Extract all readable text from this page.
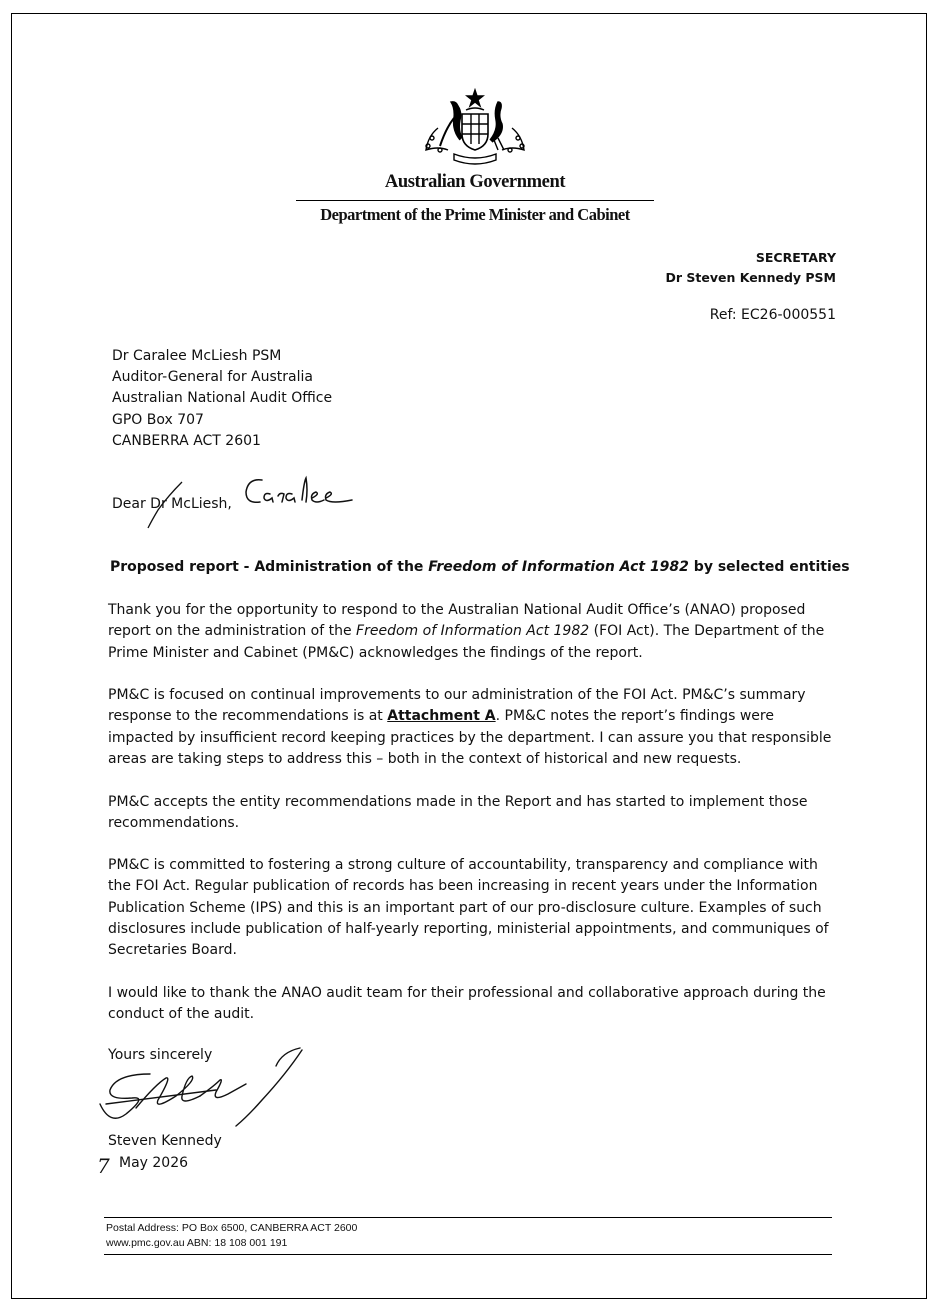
Australian Government
Department of the Prime Minister and Cabinet
SECRETARY
Dr Steven Kennedy PSM
Ref: EC26-000551
Dr Caralee McLiesh PSM
Auditor-General for Australia
Australian National Audit Office
GPO Box 707
CANBERRA ACT 2601
Dear Dr McLiesh,
Proposed report - Administration of the Freedom of Information Act 1982 by selected entities
Thank you for the opportunity to respond to the Australian National Audit Office’s (ANAO) proposed report on the administration of the Freedom of Information Act 1982 (FOI Act). The Department of the Prime Minister and Cabinet (PM&C) acknowledges the findings of the report.
PM&C is focused on continual improvements to our administration of the FOI Act. PM&C’s summary response to the recommendations is at Attachment A. PM&C notes the report’s findings were impacted by insufficient record keeping practices by the department. I can assure you that responsible areas are taking steps to address this – both in the context of historical and new requests.
PM&C accepts the entity recommendations made in the Report and has started to implement those recommendations.
PM&C is committed to fostering a strong culture of accountability, transparency and compliance with the FOI Act. Regular publication of records has been increasing in recent years under the Information Publication Scheme (IPS) and this is an important part of our pro-disclosure culture. Examples of such disclosures include publication of half-yearly reporting, ministerial appointments, and communiques of Secretaries Board.
I would like to thank the ANAO audit team for their professional and collaborative approach during the conduct of the audit.
Yours sincerely
Steven Kennedy
7 May 2026
Postal Address: PO Box 6500, CANBERRA ACT 2600
www.pmc.gov.au ABN: 18 108 001 191
